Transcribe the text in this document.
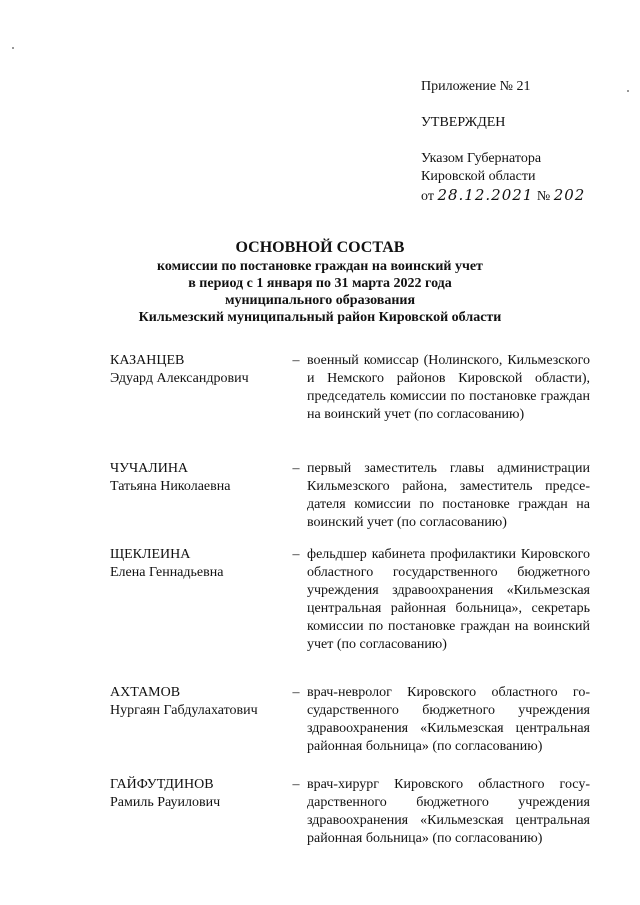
Приложение № 21
УТВЕРЖДЕН
Указом Губернатора
Кировской области
от 28.12.2021 № 202
ОСНОВНОЙ СОСТАВ
комиссии по постановке граждан на воинский учет
в период с 1 января по 31 марта 2022 года
муниципального образования
Кильмезский муниципальный район Кировской области
КАЗАНЦЕВ
Эдуард Александрович
– военный комиссар (Нолинского, Кильмезского и Немского районов Кировской области), председатель комиссии по постановке граждан на воинский учет (по согласованию)
ЧУЧАЛИНА
Татьяна Николаевна
– первый заместитель главы администрации Кильмезского района, заместитель председателя комиссии по постановке граждан на воинский учет (по согласованию)
ЩЕКЛЕИНА
Елена Геннадьевна
– фельдшер кабинета профилактики Кировского областного государственного бюджетного учреждения здравоохранения «Кильмезская центральная районная больница», секретарь комиссии по постановке граждан на воинский учет (по согласованию)
АХТАМОВ
Нургаян Габдулахатович
– врач-невролог Кировского областного государственного бюджетного учреждения здравоохранения «Кильмезская центральная районная больница» (по согласованию)
ГАЙФУТДИНОВ
Рамиль Рауилович
– врач-хирург Кировского областного государственного бюджетного учреждения здравоохранения «Кильмезская центральная районная больница» (по согласованию)
